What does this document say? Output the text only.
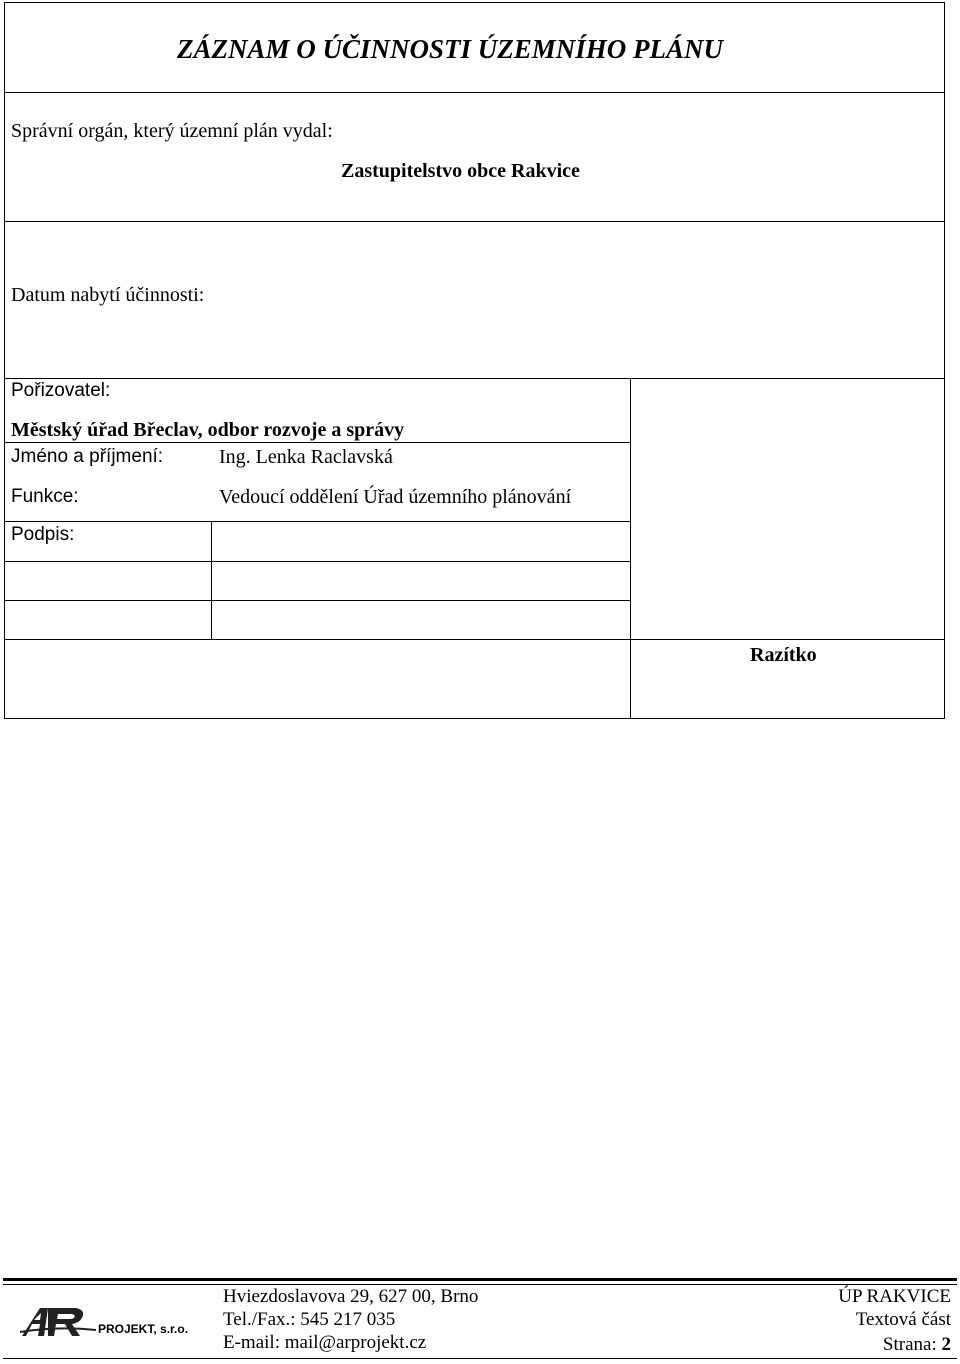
ZÁZNAM O ÚČINNOSTI ÚZEMNÍHO PLÁNU
Správní orgán, který územní plán vydal:
Zastupitelstvo obce Rakvice
Datum nabytí účinnosti:
Pořizovatel:
Městský úřad Břeclav, odbor rozvoje a správy
Jméno a příjmení:	Ing. Lenka Raclavská
Funkce:	Vedoucí oddělení Úřad územního plánování
Podpis:
Razítko
PROJEKT, s.r.o.
Hviezdoslavova 29, 627 00, Brno
Tel./Fax.: 545 217 035
E-mail: mail@arprojekt.cz
ÚP RAKVICE
Textová část
Strana: 2
